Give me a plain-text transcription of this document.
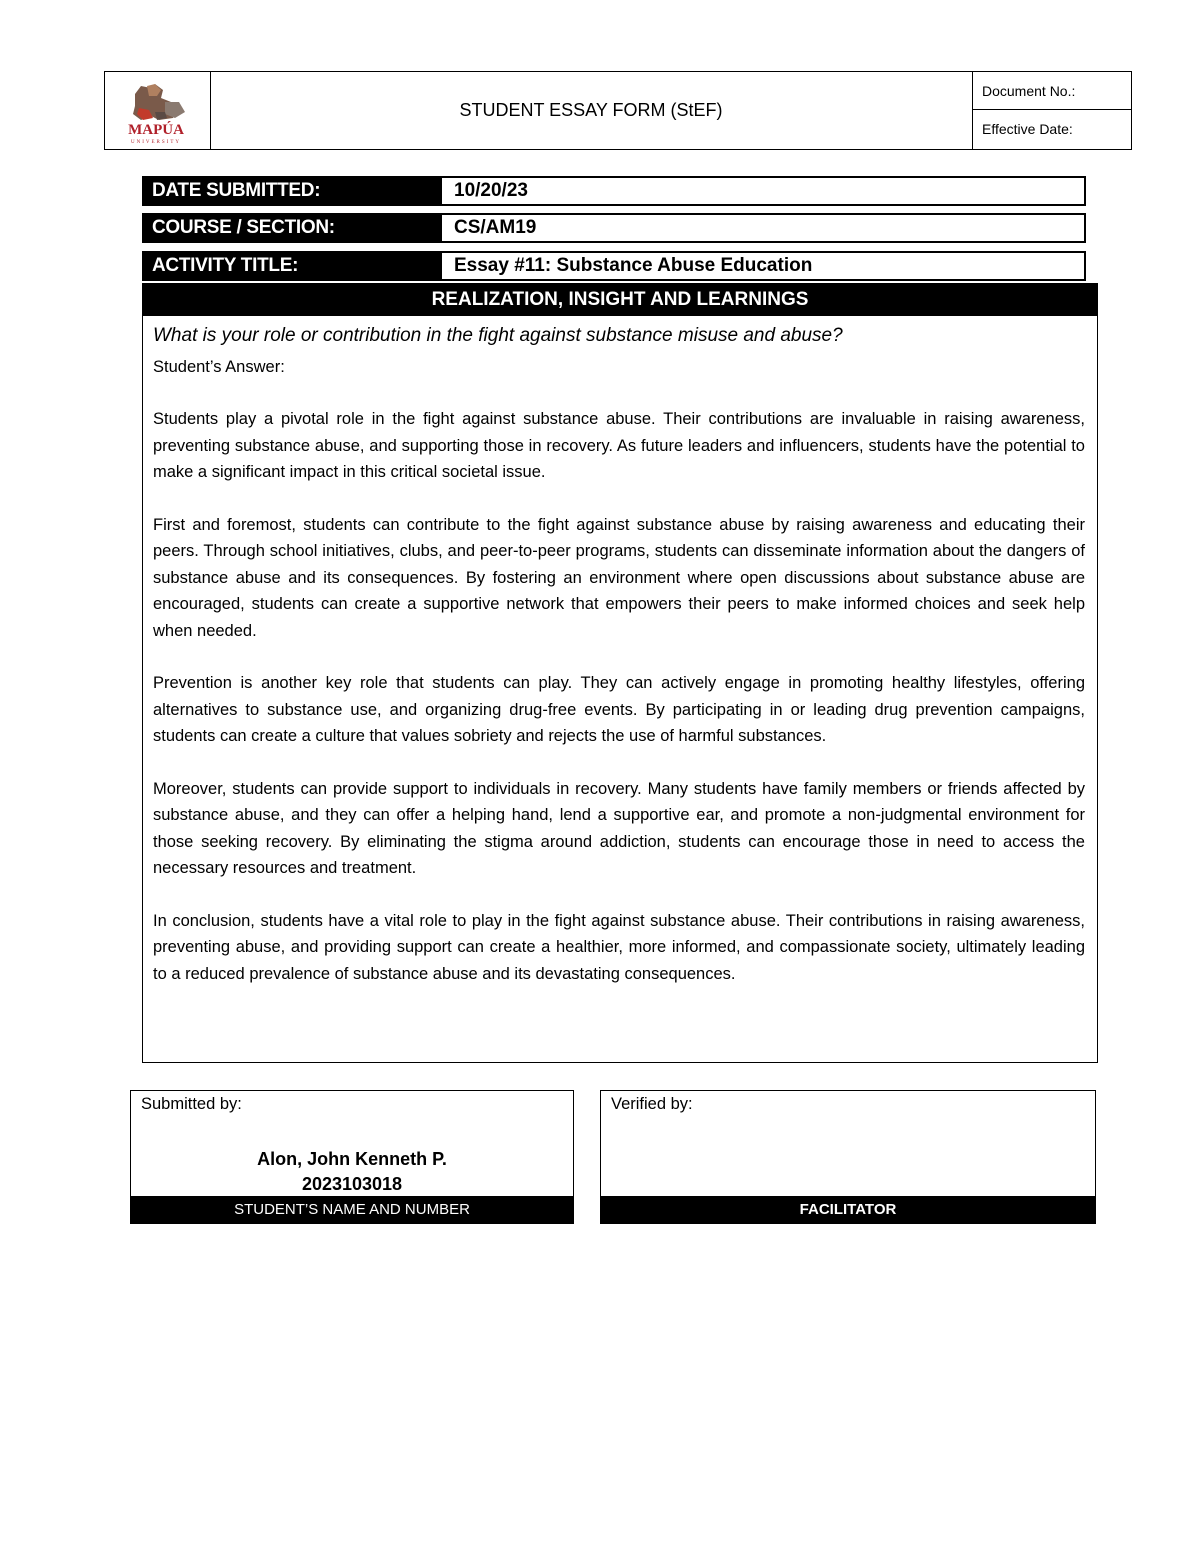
MAPÚA
UNIVERSITY
STUDENT ESSAY FORM (StEF)
Document No.:
Effective Date:
DATE SUBMITTED:	10/20/23
COURSE / SECTION:	CS/AM19
ACTIVITY TITLE:	Essay #11: Substance Abuse Education
REALIZATION, INSIGHT AND LEARNINGS

What is your role or contribution in the fight against substance misuse and abuse?

Student’s Answer:

Students play a pivotal role in the fight against substance abuse. Their contributions are invaluable in raising awareness, preventing substance abuse, and supporting those in recovery. As future leaders and influencers, students have the potential to make a significant impact in this critical societal issue.

First and foremost, students can contribute to the fight against substance abuse by raising awareness and educating their peers. Through school initiatives, clubs, and peer-to-peer programs, students can disseminate information about the dangers of substance abuse and its consequences. By fostering an environment where open discussions about substance abuse are encouraged, students can create a supportive network that empowers their peers to make informed choices and seek help when needed.

Prevention is another key role that students can play. They can actively engage in promoting healthy lifestyles, offering alternatives to substance use, and organizing drug-free events. By participating in or leading drug prevention campaigns, students can create a culture that values sobriety and rejects the use of harmful substances.

Moreover, students can provide support to individuals in recovery. Many students have family members or friends affected by substance abuse, and they can offer a helping hand, lend a supportive ear, and promote a non-judgmental environment for those seeking recovery. By eliminating the stigma around addiction, students can encourage those in need to access the necessary resources and treatment.

In conclusion, students have a vital role to play in the fight against substance abuse. Their contributions in raising awareness, preventing abuse, and providing support can create a healthier, more informed, and compassionate society, ultimately leading to a reduced prevalence of substance abuse and its devastating consequences.

Submitted by:
Alon, John Kenneth P.
2023103018
STUDENT’S NAME AND NUMBER
Verified by:
FACILITATOR
